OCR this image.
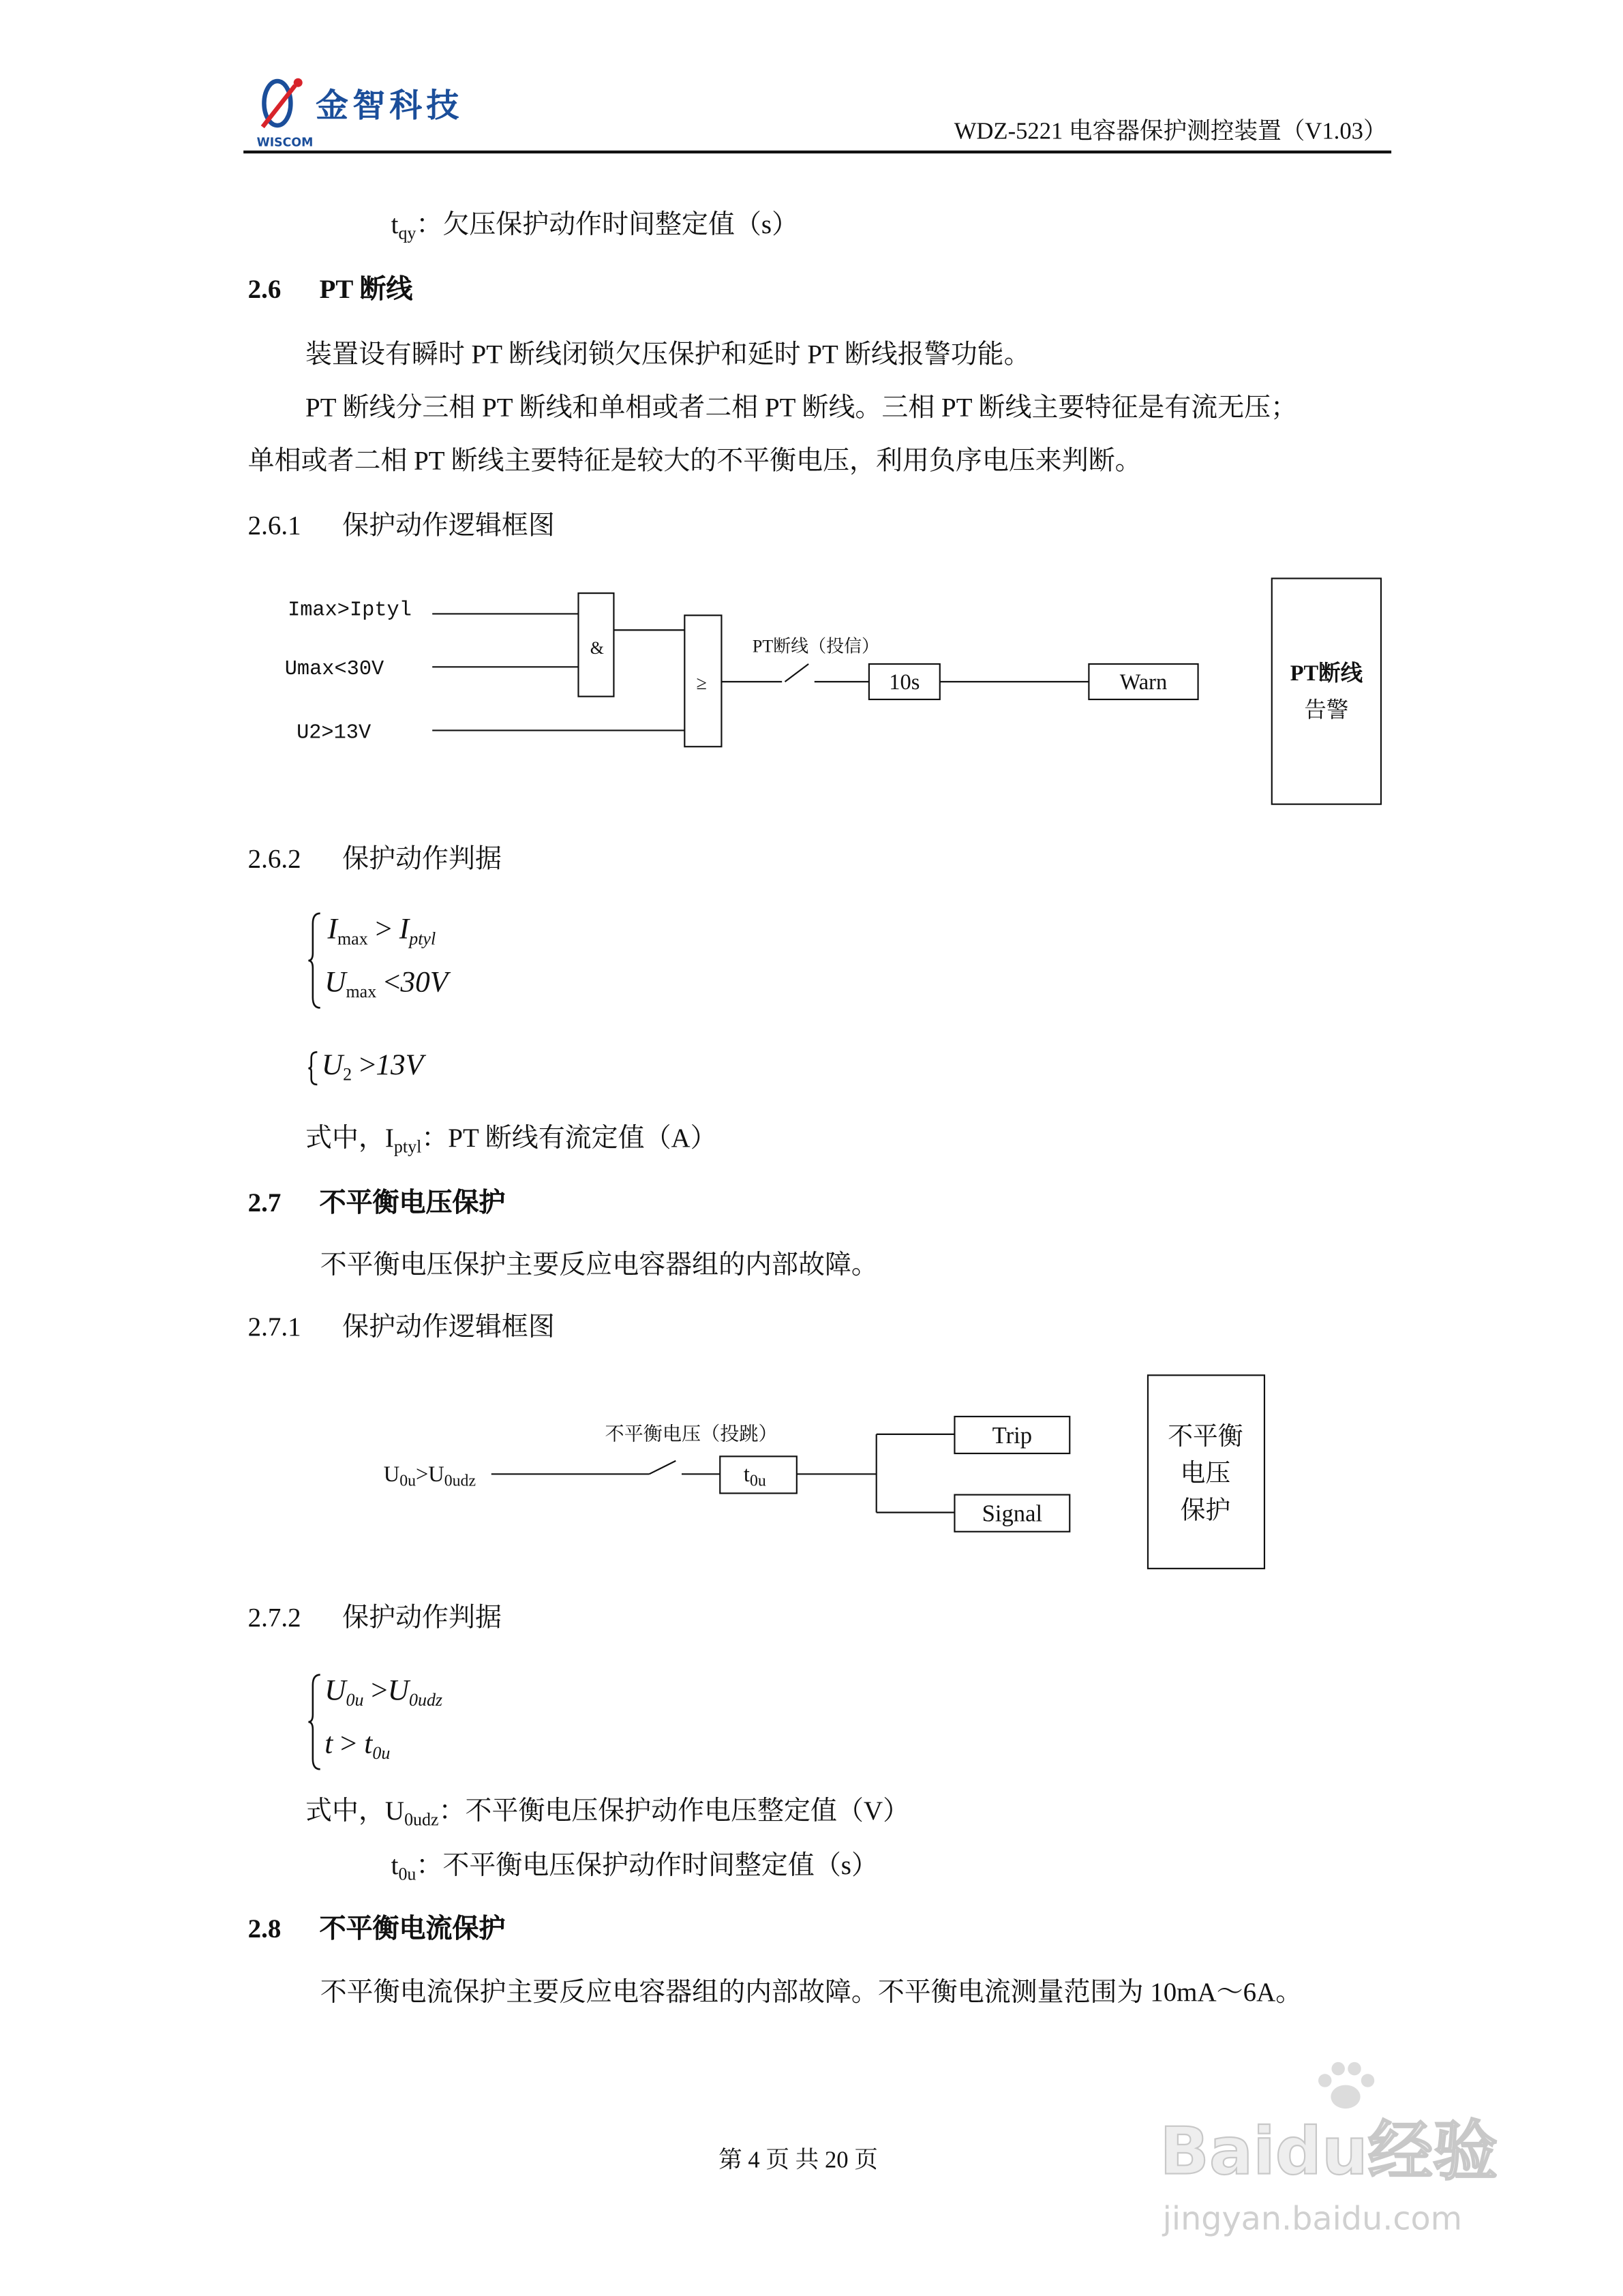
金智科技
WISCOM	WDZ-5221 电容器保护测控装置（V1.03）
$t_{qy}$：欠压保护动作时间整定值（s）
2.6	PT 断线
装置设有瞬时 PT 断线闭锁欠压保护和延时 PT 断线报警功能。
PT 断线分三相 PT 断线和单相或者二相 PT 断线。三相 PT 断线主要特征是有流无压；
单相或者二相 PT 断线主要特征是较大的不平衡电压，利用负序电压来判断。
2.6.1	保护动作逻辑框图
Imax>Iptyl
Umax<30V
U2>13V
&
≥
PT断线（投信）
10s	Warn	PT断线
告警
2.6.2	保护动作判据
$I_{max} > I_{ptyl}$
$U_{max} <30V$
$U_2 >13V$
式中，$I_{ptyl}$：PT 断线有流定值（A）
2.7	不平衡电压保护
不平衡电压保护主要反应电容器组的内部故障。
2.7.1	保护动作逻辑框图
$U_{0u}>U_{0udz}$
不平衡电压（投跳）
$t_{0u}$
Trip
Signal
不平衡
电压
保护
2.7.2	保护动作判据
$U_{0u} >U_{0udz}$
$t > t_{0u}$
式中，$U_{0udz}$：不平衡电压保护动作电压整定值（V）
$t_{0u}$：不平衡电压保护动作时间整定值（s）
2.8	不平衡电流保护
不平衡电流保护主要反应电容器组的内部故障。不平衡电流测量范围为 10mA～6A。
第 4 页 共 20 页	Baidu经验
jingyan.baidu.com
